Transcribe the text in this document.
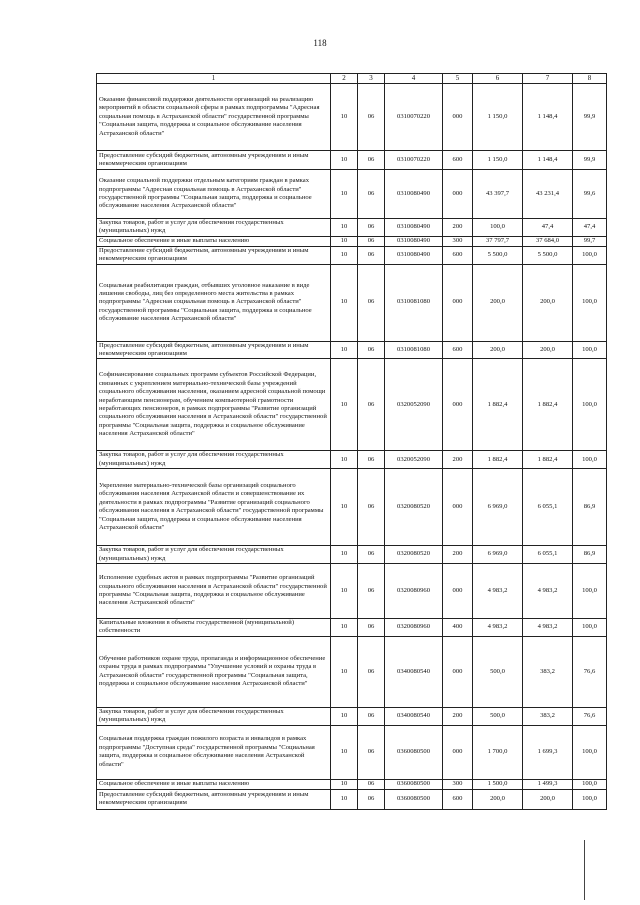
118
1	2	3	4	5	6	7	8
Оказание финансовой поддержки деятельности организаций на реализацию мероприятий в области социальной сферы в рамках подпрограммы "Адресная социальная помощь в Астраханской области" государственной программы "Социальная защита, поддержка и социальное обслуживание населения Астраханской области"	10	06	0310070220	000	1 150,0	1 148,4	99,9
Предоставление субсидий бюджетным, автономным учреждениям и иным некоммерческим организациям	10	06	0310070220	600	1 150,0	1 148,4	99,9
Оказание социальной поддержки отдельным категориям граждан в рамках подпрограммы "Адресная социальная помощь в Астраханской области" государственной программы "Социальная защита, поддержка и социальное обслуживание населения Астраханской области"	10	06	0310080490	000	43 397,7	43 231,4	99,6
Закупка товаров, работ и услуг для обеспечения государственных (муниципальных) нужд	10	06	0310080490	200	100,0	47,4	47,4
Социальное обеспечение и иные выплаты населению	10	06	0310080490	300	37 797,7	37 684,0	99,7
Предоставление субсидий бюджетным, автономным учреждениям и иным некоммерческим организациям	10	06	0310080490	600	5 500,0	5 500,0	100,0
Социальная реабилитация граждан, отбывших уголовное наказание в виде лишения свободы, лиц без определенного места жительства в рамках подпрограммы "Адресная социальная помощь в Астраханской области" государственной программы "Социальная защита, поддержка и социальное обслуживание населения Астраханской области"	10	06	0310081080	000	200,0	200,0	100,0
Предоставление субсидий бюджетным, автономным учреждениям и иным некоммерческим организациям	10	06	0310081080	600	200,0	200,0	100,0
Софинансирование социальных программ субъектов Российской Федерации, связанных с укреплением материально-технической базы учреждений социального обслуживания населения, оказанием адресной социальной помощи неработающим пенсионерам, обучением компьютерной грамотности неработающих пенсионеров, в рамках подпрограммы "Развитие организаций социального обслуживания населения в Астраханской области" государственной программы "Социальная защита, поддержка и социальное обслуживание населения Астраханской области"	10	06	0320052090	000	1 882,4	1 882,4	100,0
Закупка товаров, работ и услуг для обеспечения государственных (муниципальных) нужд	10	06	0320052090	200	1 882,4	1 882,4	100,0
Укрепление материально-технической базы организаций социального обслуживания населения Астраханской области и совершенствование их деятельности в рамках подпрограммы "Развитие организаций социального обслуживания населения в Астраханской области" государственной программы "Социальная защита, поддержка и социальное обслуживание населения Астраханской области"	10	06	0320080520	000	6 969,0	6 055,1	86,9
Закупка товаров, работ и услуг для обеспечения государственных (муниципальных) нужд	10	06	0320080520	200	6 969,0	6 055,1	86,9
Исполнение судебных актов в рамках подпрограммы "Развитие организаций социального обслуживания населения в Астраханской области" государственной программы "Социальная защита, поддержка и социальное обслуживание населения Астраханской области"	10	06	0320080960	000	4 983,2	4 983,2	100,0
Капитальные вложения в объекты государственной (муниципальной) собственности	10	06	0320080960	400	4 983,2	4 983,2	100,0
Обучение работников охране труда, пропаганда и информационное обеспечение охраны труда в рамках подпрограммы "Улучшение условий и охраны труда в Астраханской области" государственной программы "Социальная защита, поддержка и социальное обслуживание населения Астраханской области"	10	06	0340080540	000	500,0	383,2	76,6
Закупка товаров, работ и услуг для обеспечения государственных (муниципальных) нужд	10	06	0340080540	200	500,0	383,2	76,6
Социальная поддержка граждан пожилого возраста и инвалидов в рамках подпрограммы "Доступная среда" государственной программы "Социальная защита, поддержка и социальное обслуживание населения Астраханской области"	10	06	0360080500	000	1 700,0	1 699,3	100,0
Социальное обеспечение и иные выплаты населению	10	06	0360080500	300	1 500,0	1 499,3	100,0
Предоставление субсидий бюджетным, автономным учреждениям и иным некоммерческим организациям	10	06	0360080500	600	200,0	200,0	100,0
